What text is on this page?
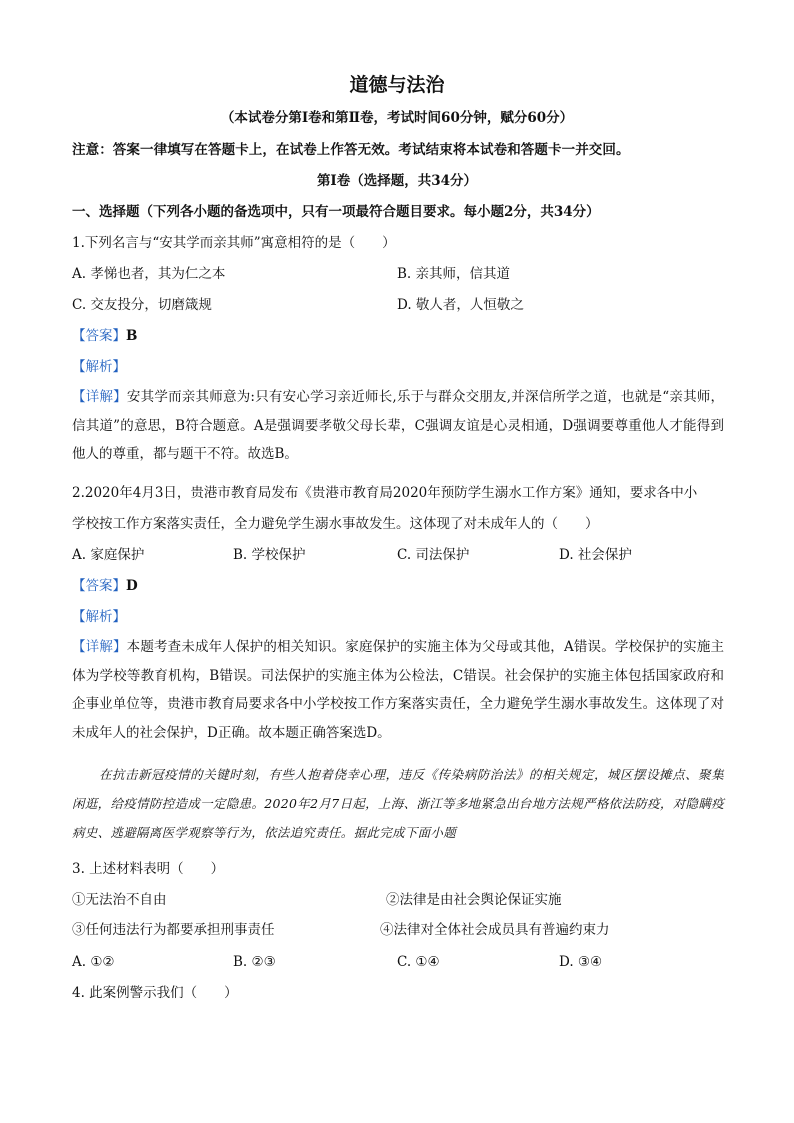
道德与法治
（本试卷分第Ⅰ卷和第Ⅱ卷，考试时间60分钟，赋分60分）
注意：答案一律填写在答题卡上，在试卷上作答无效。考试结束将本试卷和答题卡一并交回。
第Ⅰ卷（选择题，共34分）
一、选择题（下列各小题的备选项中，只有一项最符合题目要求。每小题2分，共34分）
1.下列名言与“安其学而亲其师”寓意相符的是（　　）
A. 孝悌也者，其为仁之本	B. 亲其师，信其道
C. 交友投分，切磨箴规	D. 敬人者，人恒敬之
【答案】B
【解析】
【详解】安其学而亲其师意为:只有安心学习亲近师长,乐于与群众交朋友,并深信所学之道，也就是“亲其师，信其道”的意思，B符合题意。A是强调要孝敬父母长辈，C强调友谊是心灵相通，D强调要尊重他人才能得到他人的尊重，都与题干不符。故选B。
2.2020年4月3日，贵港市教育局发布《贵港市教育局2020年预防学生溺水工作方案》通知，要求各中小
学校按工作方案落实责任，全力避免学生溺水事故发生。这体现了对未成年人的（　　）
A. 家庭保护	B. 学校保护	C. 司法保护	D. 社会保护
【答案】D
【解析】
【详解】本题考查未成年人保护的相关知识。家庭保护的实施主体为父母或其他，A错误。学校保护的实施主体为学校等教育机构，B错误。司法保护的实施主体为公检法，C错误。社会保护的实施主体包括国家政府和企事业单位等，贵港市教育局要求各中小学校按工作方案落实责任，全力避免学生溺水事故发生。这体现了对未成年人的社会保护，D正确。故本题正确答案选D。
在抗击新冠疫情的关键时刻，有些人抱着侥幸心理，违反《传染病防治法》的相关规定，城区摆设摊点、聚集闲逛，给疫情防控造成一定隐患。2020年2月7日起，上海、浙江等多地紧急出台地方法规严格依法防疫，对隐瞒疫病史、逃避隔离医学观察等行为，依法追究责任。据此完成下面小题
3. 上述材料表明（　　）
①无法治不自由	②法律是由社会舆论保证实施
③任何违法行为都要承担刑事责任	④法律对全体社会成员具有普遍约束力
A. ①②	B. ②③	C. ①④	D. ③④
4. 此案例警示我们（　　）
